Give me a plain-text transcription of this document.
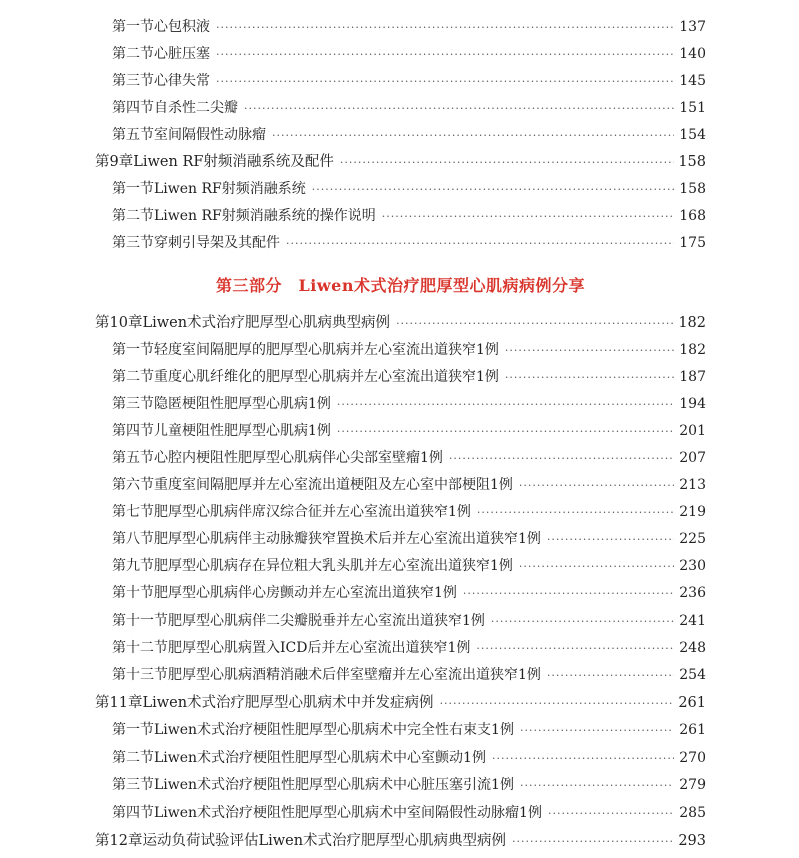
第一节 心包积液 ·····	137
第二节 心脏压塞 ·····	140
第三节 心律失常 ·····	145
第四节 自杀性二尖瓣 ·····	151
第五节 室间隔假性动脉瘤 ·····	154
第9章 Liwen RF射频消融系统及配件 ·····	158
第一节 Liwen RF射频消融系统 ·····	158
第二节 Liwen RF射频消融系统的操作说明 ·····	168
第三节 穿刺引导架及其配件 ·····	175
第三部分　Liwen术式治疗肥厚型心肌病病例分享
第10章 Liwen术式治疗肥厚型心肌病典型病例 ·····	182
第一节 轻度室间隔肥厚的肥厚型心肌病并左心室流出道狭窄1例 ·····	182
第二节 重度心肌纤维化的肥厚型心肌病并左心室流出道狭窄1例 ·····	187
第三节 隐匿梗阻性肥厚型心肌病1例 ·····	194
第四节 儿童梗阻性肥厚型心肌病1例 ·····	201
第五节 心腔内梗阻性肥厚型心肌病伴心尖部室壁瘤1例 ·····	207
第六节 重度室间隔肥厚并左心室流出道梗阻及左心室中部梗阻1例 ·····	213
第七节 肥厚型心肌病伴席汉综合征并左心室流出道狭窄1例 ·····	219
第八节 肥厚型心肌病伴主动脉瓣狭窄置换术后并左心室流出道狭窄1例 ·····	225
第九节 肥厚型心肌病存在异位粗大乳头肌并左心室流出道狭窄1例 ·····	230
第十节 肥厚型心肌病伴心房颤动并左心室流出道狭窄1例 ·····	236
第十一节 肥厚型心肌病伴二尖瓣脱垂并左心室流出道狭窄1例 ·····	241
第十二节 肥厚型心肌病置入ICD后并左心室流出道狭窄1例 ·····	248
第十三节 肥厚型心肌病酒精消融术后伴室壁瘤并左心室流出道狭窄1例 ·····	254
第11章 Liwen术式治疗肥厚型心肌病术中并发症病例 ·····	261
第一节 Liwen术式治疗梗阻性肥厚型心肌病术中完全性右束支1例 ·····	261
第二节 Liwen术式治疗梗阻性肥厚型心肌病术中心室颤动1例 ·····	270
第三节 Liwen术式治疗梗阻性肥厚型心肌病术中心脏压塞引流1例 ·····	279
第四节 Liwen术式治疗梗阻性肥厚型心肌病术中室间隔假性动脉瘤1例 ·····	285
第12章 运动负荷试验评估Liwen术式治疗肥厚型心肌病典型病例 ·····	293
